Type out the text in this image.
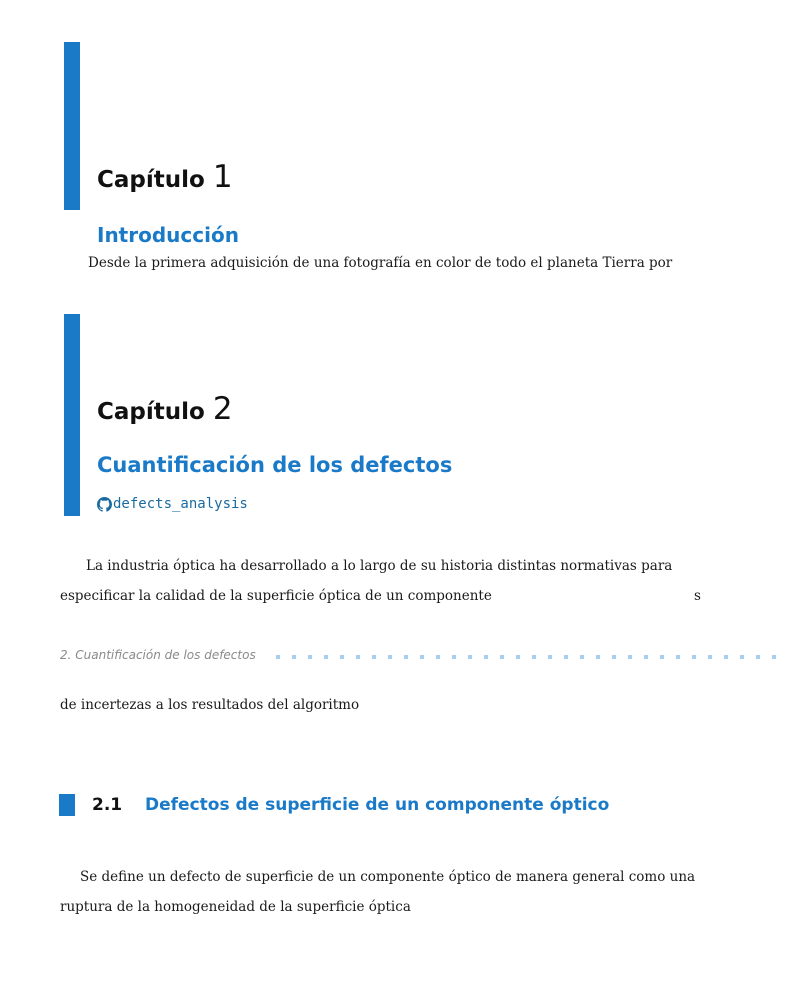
Capítulo 1
Introducción
Desde la primera adquisición de una fotografía en color de todo el planeta Tierra por
Capítulo 2
Cuantificación de los defectos
defects_analysis
La industria óptica ha desarrollado a lo largo de su historia distintas normativas para
especificar la calidad de la superficie óptica de un componente	s
2. Cuantificación de los defectos
de incertezas a los resultados del algoritmo
2.1 Defectos de superficie de un componente óptico
Se define un defecto de superficie de un componente óptico de manera general como una
ruptura de la homogeneidad de la superficie óptica
